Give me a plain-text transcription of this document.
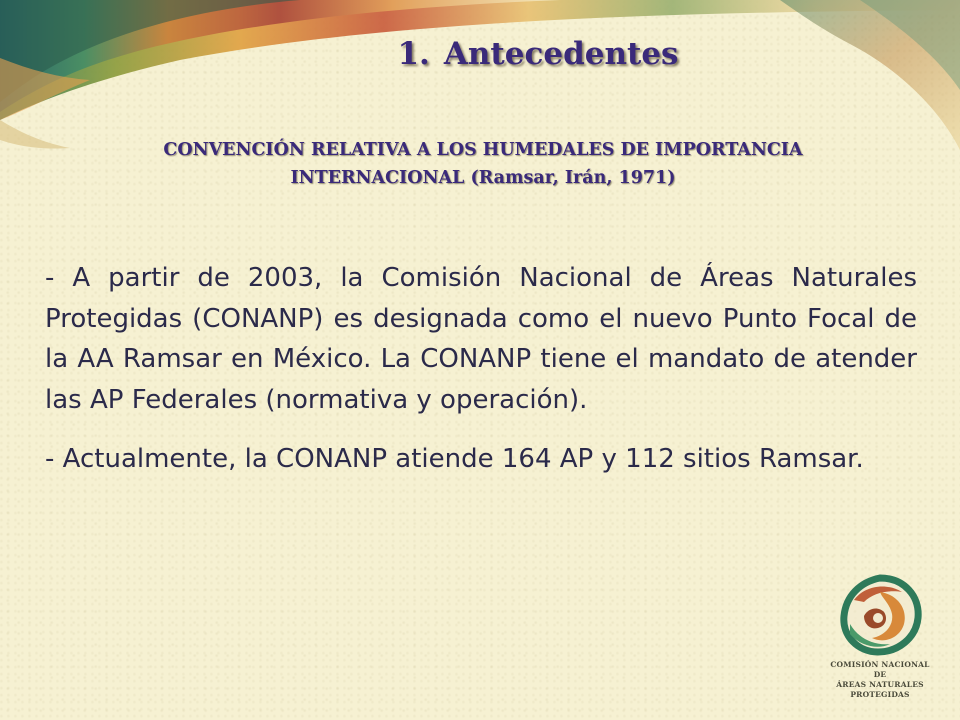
1. Antecedentes
CONVENCIÓN RELATIVA A LOS HUMEDALES DE IMPORTANCIA
INTERNACIONAL (Ramsar, Irán, 1971)

- A partir de 2003, la Comisión Nacional de Áreas Naturales Protegidas (CONANP) es designada como el nuevo Punto Focal de la AA Ramsar en México. La CONANP tiene el mandato de atender las AP Federales (normativa y operación).

- Actualmente, la CONANP atiende 164 AP y 112 sitios Ramsar.

COMISIÓN NACIONAL DE
ÁREAS NATURALES
PROTEGIDAS
